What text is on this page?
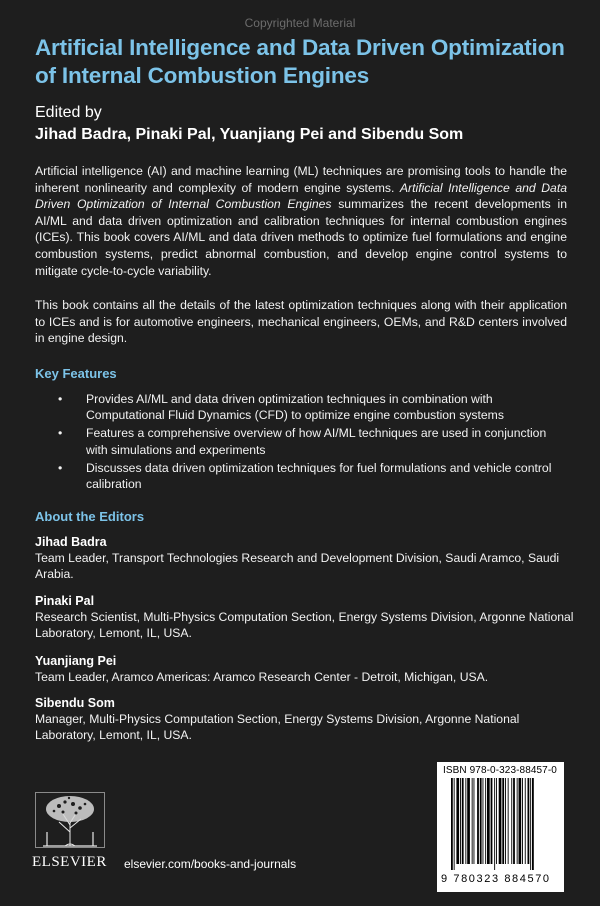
Copyrighted Material
Artificial Intelligence and Data Driven Optimization of Internal Combustion Engines
Edited by
Jihad Badra, Pinaki Pal, Yuanjiang Pei and Sibendu Som
Artificial intelligence (AI) and machine learning (ML) techniques are promising tools to handle the inherent nonlinearity and complexity of modern engine systems. Artificial Intelligence and Data Driven Optimization of Internal Combustion Engines summarizes the recent developments in AI/ML and data driven optimization and calibration techniques for internal combustion engines (ICEs). This book covers AI/ML and data driven methods to optimize fuel formulations and engine combustion systems, predict abnormal combustion, and develop engine control systems to mitigate cycle-to-cycle variability.
This book contains all the details of the latest optimization techniques along with their application to ICEs and is for automotive engineers, mechanical engineers, OEMs, and R&D centers involved in engine design.
Key Features
• Provides AI/ML and data driven optimization techniques in combination with Computational Fluid Dynamics (CFD) to optimize engine combustion systems
• Features a comprehensive overview of how AI/ML techniques are used in conjunction with simulations and experiments
• Discusses data driven optimization techniques for fuel formulations and vehicle control calibration
About the Editors
Jihad Badra
Team Leader, Transport Technologies Research and Development Division, Saudi Aramco, Saudi Arabia.
Pinaki Pal
Research Scientist, Multi-Physics Computation Section, Energy Systems Division, Argonne National Laboratory, Lemont, IL, USA.
Yuanjiang Pei
Team Leader, Aramco Americas: Aramco Research Center - Detroit, Michigan, USA.
Sibendu Som
Manager, Multi-Physics Computation Section, Energy Systems Division, Argonne National Laboratory, Lemont, IL, USA.
ELSEVIER elsevier.com/books-and-journals
ISBN 978-0-323-88457-0
9 780323 884570
